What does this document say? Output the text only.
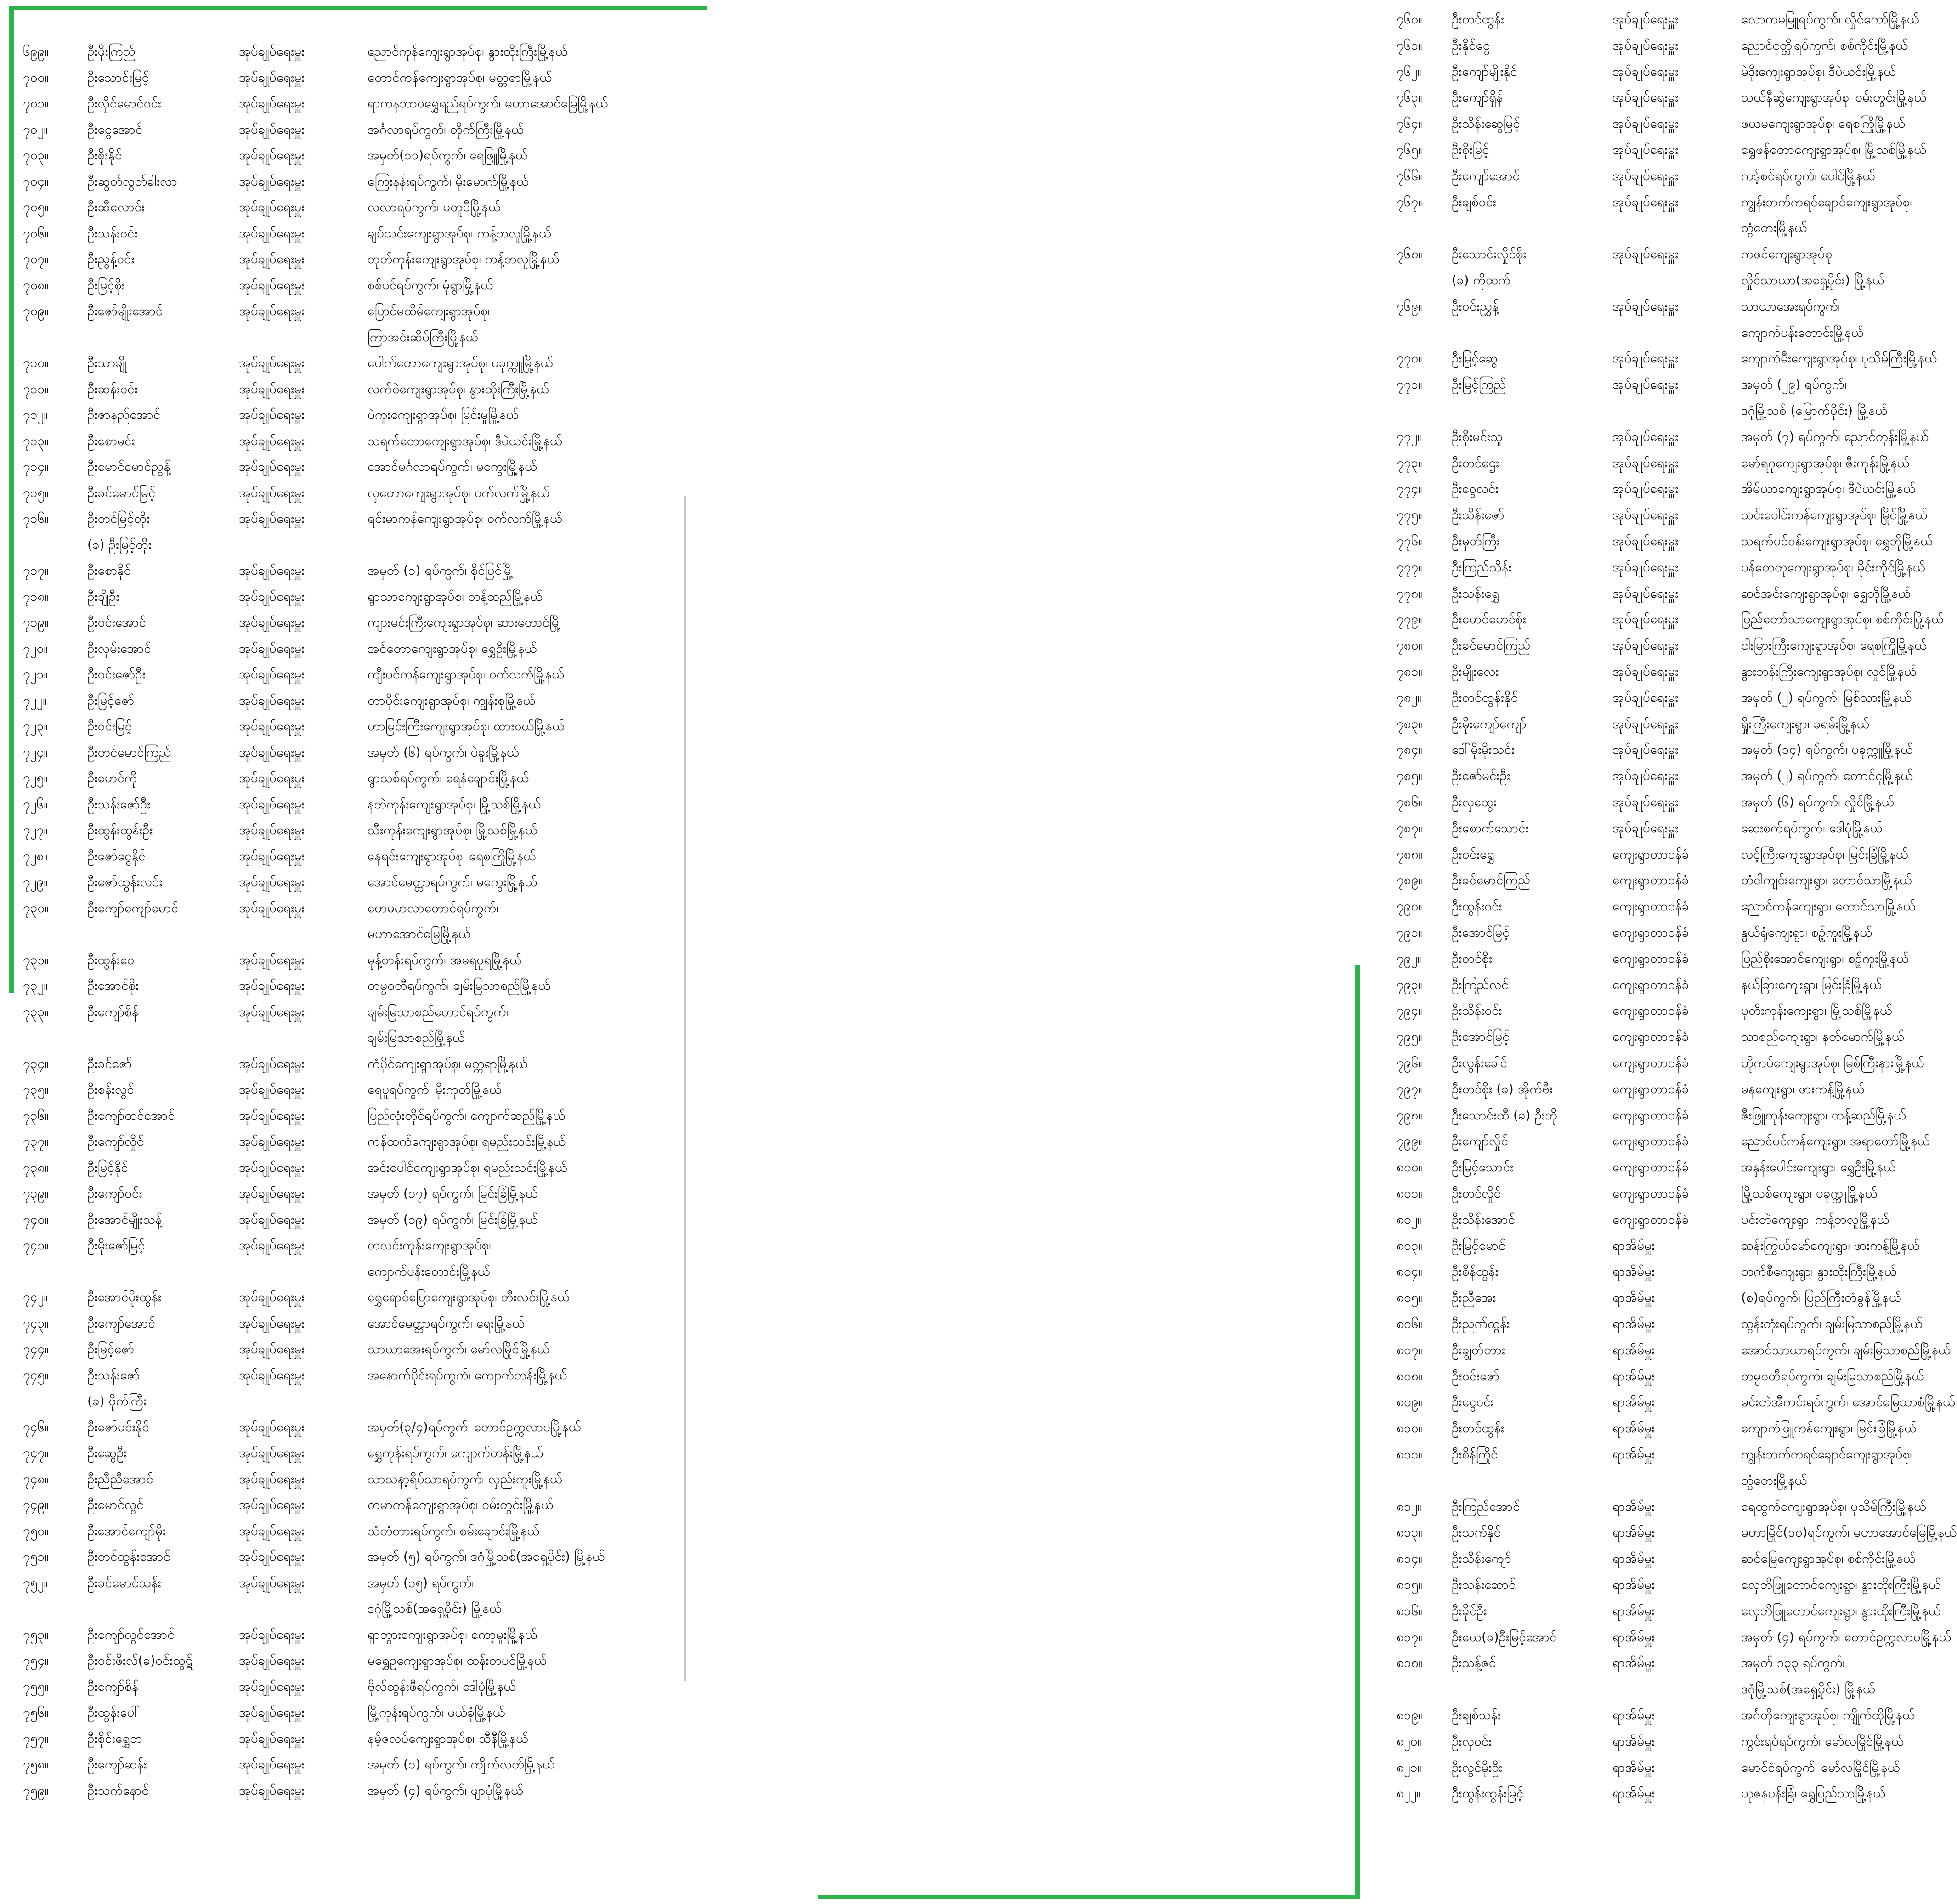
၆၉၉။	ဦးဖိုးကြည်	အုပ်ချုပ်ရေးမှူး	ညောင်ကုန်ကျေးရွာအုပ်စု၊ နွားထိုးကြီးမြို့နယ်
၇၀၀။	ဦးသောင်းမြင့်	အုပ်ချုပ်ရေးမှူး	တောင်ကန်ကျေးရွာအုပ်စု၊ မတ္တရာမြို့နယ်
၇၀၁။	ဦးလှိုင်မောင်ဝင်း	အုပ်ချုပ်ရေးမှူး	ရာကနဘာဝရွှေရည်ရပ်ကွက်၊ မဟာအောင်မြေမြို့နယ်
၇၀၂။	ဦးငွေအောင်	အုပ်ချုပ်ရေးမှူး	အင်္ဂလာရပ်ကွက်၊ တိုက်ကြီးမြို့နယ်
၇၀၃။	ဦးစိုးနိုင်	အုပ်ချုပ်ရေးမှူး	အမှတ်(၁၁)ရပ်ကွက်၊ ရေဖြူမြို့နယ်
၇၀၄။	ဦးဆွတ်လွတ်ခါးလာ	အုပ်ချုပ်ရေးမှူး	ကြေးနန်းရပ်ကွက်၊ မိုးမောက်မြို့နယ်
၇၀၅။	ဦးဆီလောင်း	အုပ်ချုပ်ရေးမှူး	လလာရပ်ကွက်၊ မတူပီမြို့နယ်
၇၀၆။	ဦးသန်းဝင်း	အုပ်ချုပ်ရေးမှူး	ချပ်သင်းကျေးရွာအုပ်စု၊ ကန့်ဘလူမြို့နယ်
၇၀၇။	ဦးညွန့်ဝင်း	အုပ်ချုပ်ရေးမှူး	ဘုတ်ကုန်းကျေးရွာအုပ်စု၊ ကန့်ဘလူမြို့နယ်
၇၀၈။	ဦးမြင့်စိုး	အုပ်ချုပ်ရေးမှူး	စစ်ပင်ရပ်ကွက်၊ မုံရွာမြို့နယ်
၇၀၉။	ဦးဇော်မျိုးအောင်	အုပ်ချုပ်ရေးမှူး	ပြောင်မထိမ်ကျေးရွာအုပ်စု၊
ကြာအင်းဆိပ်ကြီးမြို့နယ်
၇၁၀။	ဦးသာချို	အုပ်ချုပ်ရေးမှူး	ပေါက်တောကျေးရွာအုပ်စု၊ ပခုက္ကူမြို့နယ်
၇၁၁။	ဦးဆန်းဝင်း	အုပ်ချုပ်ရေးမှူး	လက်ဝဲကျေးရွာအုပ်စု၊ နွားထိုးကြီးမြို့နယ်
၇၁၂။	ဦးဇာနည်အောင်	အုပ်ချုပ်ရေးမှူး	ပဲကူးကျေးရွာအုပ်စု၊ မြင်းမူမြို့နယ်
၇၁၃။	ဦးစောမင်း	အုပ်ချုပ်ရေးမှူး	သရက်တောကျေးရွာအုပ်စု၊ ဒီပဲယင်းမြို့နယ်
၇၁၄။	ဦးမောင်မောင်ညွန့်	အုပ်ချုပ်ရေးမှူး	အောင်မင်္ဂလာရပ်ကွက်၊ မကွေးမြို့နယ်
၇၁၅။	ဦးခင်မောင်မြင့်	အုပ်ချုပ်ရေးမှူး	လှတောကျေးရွာအုပ်စု၊ ဝက်လက်မြို့နယ်
၇၁၆။	ဦးတင်မြင့်တိုး	အုပ်ချုပ်ရေးမှူး	ရင်းမာကန်ကျေးရွာအုပ်စု၊ ဝက်လက်မြို့နယ်
(ခ) ဦးမြင့်တိုး
၇၁၇။	ဦးစောနိုင်	အုပ်ချုပ်ရေးမှူး	အမှတ် (၁) ရပ်ကွက်၊ စိုင်ပြင်မြို့
၇၁၈။	ဦးချိုဦး	အုပ်ချုပ်ရေးမှူး	ရွာသာကျေးရွာအုပ်စု၊ တန့်ဆည်မြို့နယ်
၇၁၉။	ဦးဝင်းအောင်	အုပ်ချုပ်ရေးမှူး	ကျားမင်းကြီးကျေးရွာအုပ်စု၊ ဆားတောင်မြို့
၇၂၀။	ဦးလှမ်းအောင်	အုပ်ချုပ်ရေးမှူး	အင်တောကျေးရွာအုပ်စု၊ ရွှေဦးမြို့နယ်
၇၂၁။	ဦးဝင်းဇော်ဦး	အုပ်ချုပ်ရေးမှူး	ကျီးပင်ကန်ကျေးရွာအုပ်စု၊ ဝက်လက်မြို့နယ်
၇၂၂။	ဦးမြင့်ဇော်	အုပ်ချုပ်ရေးမှူး	တာပိုင်းကျေးရွာအုပ်စု၊ ကျွန်းစုမြို့နယ်
၇၂၃။	ဦးဝင်းမြင့်	အုပ်ချုပ်ရေးမှူး	ဟာမြင်းကြီးကျေးရွာအုပ်စု၊ ထားဝယ်မြို့နယ်
၇၂၄။	ဦးတင်မောင်ကြည်	အုပ်ချုပ်ရေးမှူး	အမှတ် (၆) ရပ်ကွက်၊ ပဲခူးမြို့နယ်
၇၂၅။	ဦးမောင်ကို	အုပ်ချုပ်ရေးမှူး	ရွာသစ်ရပ်ကွက်၊ ရေနံချောင်းမြို့နယ်
၇၂၆။	ဦးသန်းဇော်ဦး	အုပ်ချုပ်ရေးမှူး	နဘဲကုန်းကျေးရွာအုပ်စု၊ မြို့သစ်မြို့နယ်
၇၂၇။	ဦးထွန်းထွန်းဦး	အုပ်ချုပ်ရေးမှူး	သီးကုန်းကျေးရွာအုပ်စု၊ မြို့သစ်မြို့နယ်
၇၂၈။	ဦးဇော်ငွေနိုင်	အုပ်ချုပ်ရေးမှူး	နေရင်းကျေးရွာအုပ်စု၊ ရေစကြိုမြို့နယ်
၇၂၉။	ဦးဇော်ထွန်းလင်း	အုပ်ချုပ်ရေးမှူး	အောင်မေတ္တာရပ်ကွက်၊ မကွေးမြို့နယ်
၇၃၀။	ဦးကျော်ကျော်မောင်	အုပ်ချုပ်ရေးမှူး	ဟေမမာလာတောင်ရပ်ကွက်၊
မဟာအောင်မြေမြို့နယ်
၇၃၁။	ဦးထွန်းဝေ	အုပ်ချုပ်ရေးမှူး	မုန့်တန်းရပ်ကွက်၊ အမရပူရမြို့နယ်
၇၃၂။	ဦးအောင်စိုး	အုပ်ချုပ်ရေးမှူး	တမ္ပဝတီရပ်ကွက်၊ ချမ်းမြသာစည်မြို့နယ်
၇၃၃။	ဦးကျော်စိန်	အုပ်ချုပ်ရေးမှူး	ချမ်းမြသာစည်တောင်ရပ်ကွက်၊
ချမ်းမြသာစည်မြို့နယ်
၇၃၄။	ဦးခင်ဇော်	အုပ်ချုပ်ရေးမှူး	ကံပိုင်ကျေးရွာအုပ်စု၊ မတ္တရာမြို့နယ်
၇၃၅။	ဦးစန်းလွင်	အုပ်ချုပ်ရေးမှူး	ရေပူရပ်ကွက်၊ မိုးကုတ်မြို့နယ်
၇၃၆။	ဦးကျော်ထင်အောင်	အုပ်ချုပ်ရေးမှူး	ပြည်လုံးတိုင်ရပ်ကွက်၊ ကျောက်ဆည်မြို့နယ်
၇၃၇။	ဦးကျော်လှိုင်	အုပ်ချုပ်ရေးမှူး	ကန်ထက်ကျေးရွာအုပ်စု၊ ရမည်းသင်းမြို့နယ်
၇၃၈။	ဦးမြင့်နိုင်	အုပ်ချုပ်ရေးမှူး	အင်းပေါင်ကျေးရွာအုပ်စု၊ ရမည်းသင်းမြို့နယ်
၇၃၉။	ဦးကျော်ဝင်း	အုပ်ချုပ်ရေးမှူး	အမှတ် (၁၇) ရပ်ကွက်၊ မြင်းခြံမြို့နယ်
၇၄၀။	ဦးအောင်မျိုးသန့်	အုပ်ချုပ်ရေးမှူး	အမှတ် (၁၉) ရပ်ကွက်၊ မြင်းခြံမြို့နယ်
၇၄၁။	ဦးမိုးဇော်မြင့်	အုပ်ချုပ်ရေးမှူး	တလင်းကုန်းကျေးရွာအုပ်စု၊
ကျောက်ပန်းတောင်းမြို့နယ်
၇၄၂။	ဦးအောင်မိုးထွန်း	အုပ်ချုပ်ရေးမှူး	ရွှေရောင်ပြောကျေးရွာအုပ်စု၊ ဘီးလင်းမြို့နယ်
၇၄၃။	ဦးကျော်အောင်	အုပ်ချုပ်ရေးမှူး	အောင်မေတ္တာရပ်ကွက်၊ ရေးမြို့နယ်
၇၄၄။	ဦးမြင့်ဇော်	အုပ်ချုပ်ရေးမှူး	သာယာအေးရပ်ကွက်၊ မော်လမြိုင်မြို့နယ်
၇၄၅။	ဦးသန်းဇော်	အုပ်ချုပ်ရေးမှူး	အနောက်ပိုင်းရပ်ကွက်၊ ကျောက်တန်းမြို့နယ်
(ခ) ဗိုက်ကြီး
၇၄၆။	ဦးဇော်မင်းနိုင်	အုပ်ချုပ်ရေးမှူး	အမှတ်(၃/၄)ရပ်ကွက်၊ တောင်ဥက္ကလာပမြို့နယ်
၇၄၇။	ဦးဆွေဦး	အုပ်ချုပ်ရေးမှူး	ရွှေကုန်းရပ်ကွက်၊ ကျောက်တန်းမြို့နယ်
၇၄၈။	ဦးညီညီအောင်	အုပ်ချုပ်ရေးမှူး	သာသနာ့ရိပ်သာရပ်ကွက်၊ လှည်းကူးမြို့နယ်
၇၄၉။	ဦးမောင်လွင်	အုပ်ချုပ်ရေးမှူး	တမာကန်ကျေးရွာအုပ်စု၊ ဝမ်းတွင်းမြို့နယ်
၇၅၀။	ဦးအောင်ကျော်မိုး	အုပ်ချုပ်ရေးမှူး	သံတံတားရပ်ကွက်၊ စမ်းချောင်းမြို့နယ်
၇၅၁။	ဦးတင်ထွန်းအောင်	အုပ်ချုပ်ရေးမှူး	အမှတ် (၅) ရပ်ကွက်၊ ဒဂုံမြို့သစ်(အရှေ့ပိုင်း) မြို့နယ်
၇၅၂။	ဦးခင်မောင်သန်း	အုပ်ချုပ်ရေးမှူး	အမှတ် (၁၅) ရပ်ကွက်၊
ဒဂုံမြို့သစ်(အရှေ့ပိုင်း) မြို့နယ်
၇၅၃။	ဦးကျော်လွင်အောင်	အုပ်ချုပ်ရေးမှူး	ရှာဘွားကျေးရွာအုပ်စု၊ ကော့မှူးမြို့နယ်
၇၅၄။	ဦးဝင်းဖိုးလ်(ခ)ဝင်းထွဋ်	အုပ်ချုပ်ရေးမှူး	မရွှေဥကျေးရွာအုပ်စု၊ ထန်းတပင်မြို့နယ်
၇၅၅။	ဦးကျော်စိန်	အုပ်ချုပ်ရေးမှူး	ဗိုလ်ထွန်းဖီရပ်ကွက်၊ ဒေါပုံမြို့နယ်
၇၅၆။	ဦးထွန်းပေါ်	အုပ်ချုပ်ရေးမှူး	မြို့ကုန်းရပ်ကွက်၊ ဖယ်ခုံမြို့နယ်
၇၅၇။	ဦးစိုင်းရွှေဘ	အုပ်ချုပ်ရေးမှူး	နမ့်ဇလပ်ကျေးရွာအုပ်စု၊ သီနီမြို့နယ်
၇၅၈။	ဦးကျော်ဆန်း	အုပ်ချုပ်ရေးမှူး	အမှတ် (၁) ရပ်ကွက်၊ ကျိုက်လတ်မြို့နယ်
၇၅၉။	ဦးသက်နောင်	အုပ်ချုပ်ရေးမှူး	အမှတ် (၄) ရပ်ကွက်၊ ဖျာပုံမြို့နယ်
၇၆၀။ ဦးတင်ထွန်း	အုပ်ချုပ်ရေးမှူး	လောကမမြူရပ်ကွက်၊ လှိုင်ကော်မြို့နယ်
၇၆၁။ ဦးနိုင်ငွေ	အုပ်ချုပ်ရေးမှူး	ညောင်ငုတ္တိုရပ်ကွက်၊ စစ်ကိုင်းမြို့နယ်
၇၆၂။ ဦးကျော်မျိုးနိုင်	အုပ်ချုပ်ရေးမှူး	မဲဒိုးကျေးရွာအုပ်စု၊ ဒီပဲယင်းမြို့နယ်
၇၆၃။ ဦးကျော်ရှိန်	အုပ်ချုပ်ရေးမှူး	သယ်နီဆွဲကျေးရွာအုပ်စု၊ ဝမ်းတွင်းမြို့နယ်
၇၆၄။ ဦးသိန်းဆွေမြင့်	အုပ်ချုပ်ရေးမှူး	ဖယမကျေးရွာအုပ်စု၊ ရေစကြိုမြို့နယ်
၇၆၅။ ဦးစိုးမြင့်	အုပ်ချုပ်ရေးမှူး	ရွှေဖန်တောကျေးရွာအုပ်စု၊ မြို့သစ်မြို့နယ်
၇၆၆။ ဦးကျော်အောင်	အုပ်ချုပ်ရေးမှူး	ကဒ့်စင်ရပ်ကွက်၊ ပေါင်မြို့နယ်
၇၆၇။ ဦးချစ်ဝင်း	အုပ်ချုပ်ရေးမှူး	ကျွန်းဘက်ကရင်ချောင်ကျေးရွာအုပ်စု၊
တွံတေးမြို့နယ်
၇၆၈။ ဦးသောင်းလှိုင်စိုး	အုပ်ချုပ်ရေးမှူး	ကဖင်ကျေးရွာအုပ်စု၊
(ခ) ကိုထက်	လှိုင်သာယာ(အရှေ့ပိုင်း) မြို့နယ်
၇၆၉။ ဦးဝင်းညွှန့်	အုပ်ချုပ်ရေးမှူး	သာယာအေးရပ်ကွက်၊
ကျောက်ပန်းတောင်းမြို့နယ်
၇၇၀။ ဦးမြင့်ဆွေ	အုပ်ချုပ်ရေးမှူး	ကျောက်မီးကျေးရွာအုပ်စု၊ ပုသိမ်ကြီးမြို့နယ်
၇၇၁။ ဦးမြင့်ကြည်	အုပ်ချုပ်ရေးမှူး	အမှတ် (၂၉) ရပ်ကွက်၊
ဒဂုံမြို့သစ် (မြောက်ပိုင်း) မြို့နယ်
၇၇၂။ ဦးစိုးမင်းသူ	အုပ်ချုပ်ရေးမှူး	အမှတ် (၇) ရပ်ကွက်၊ ညောင်တုန်းမြို့နယ်
၇၇၃။ ဦးတင်ဌေး	အုပ်ချုပ်ရေးမှူး	မော်ရဂုကျေးရွာအုပ်စု၊ ဇီးကုန်းမြို့နယ်
၇၇၄။ ဦးဝွေလင်း	အုပ်ချုပ်ရေးမှူး	အိမ်ယာကျေးရွာအုပ်စု၊ ဒီပဲယင်းမြို့နယ်
၇၇၅။ ဦးသိန်းဇော်	အုပ်ချုပ်ရေးမှူး	သင်းပေါင်းကန်ကျေးရွာအုပ်စု၊ မြိုင်မြို့နယ်
၇၇၆။ ဦးမှတ်ကြီး	အုပ်ချုပ်ရေးမှူး	သရက်ပင်ဝန်းကျေးရွာအုပ်စု၊ ရွှေဘိုမြို့နယ်
၇၇၇။ ဦးကြည်သိန်း	အုပ်ချုပ်ရေးမှူး	ပန်တေတုကျေးရွာအုပ်စု၊ မိုင်းကိုင်မြို့နယ်
၇၇၈။ ဦးသန်းရွှေ	အုပ်ချုပ်ရေးမှူး	ဆင်အင်းကျေးရွာအုပ်စု၊ ရွှေဘိုမြို့နယ်
၇၇၉။ ဦးမောင်မောင်စိုး	အုပ်ချုပ်ရေးမှူး	ပြည်တော်သာကျေးရွာအုပ်စု၊ စစ်ကိုင်းမြို့နယ်
၇၈၀။ ဦးခင်မောင်ကြည်	အုပ်ချုပ်ရေးမှူး	ငါးမြားကြီးကျေးရွာအုပ်စု၊ ရေစကြိုမြို့နယ်
၇၈၁။ ဦးမျိုးလေး	အုပ်ချုပ်ရေးမှူး	နွားဘန်းကြီးကျေးရွာအုပ်စု၊ လှုင်မြို့နယ်
၇၈၂။ ဦးတင်ထွန်းနိုင်	အုပ်ချုပ်ရေးမှူး	အမှတ် (၂) ရပ်ကွက်၊ မြစ်သားမြို့နယ်
၇၈၃။ ဦးမိုးကျော်ကျော်	အုပ်ချုပ်ရေးမှူး	ရှိုးကြီးကျေးရွာ၊ ခရမ်းမြို့နယ်
၇၈၄။ ဒေါ်မိုးမိုးသင်း	အုပ်ချုပ်ရေးမှူး	အမှတ် (၁၄) ရပ်ကွက်၊ ပခုက္ကူမြို့နယ်
၇၈၅။ ဦးဇော်မင်းဦး	အုပ်ချုပ်ရေးမှူး	အမှတ် (၂) ရပ်ကွက်၊ တောင်ငူမြို့နယ်
၇၈၆။ ဦးလှထွေး	အုပ်ချုပ်ရေးမှူး	အမှတ် (၆) ရပ်ကွက်၊ လှိုင်မြို့နယ်
၇၈၇။ ဦးစောက်သောင်း	အုပ်ချုပ်ရေးမှူး	ဆေးစက်ရပ်ကွက်၊ ဒေါပုံမြို့နယ်
၇၈၈။ ဦးဝင်းရွှေ	ကျေးရွာတာဝန်ခံ	လင့်ကြီးကျေးရွာအုပ်စု၊ မြင်းခြံမြို့နယ်
၇၈၉။ ဦးခင်မောင်ကြည်	ကျေးရွာတာဝန်ခံ	တံငါကျင်းကျေးရွာ၊ တောင်သာမြို့နယ်
၇၉၀။ ဦးထွန်းဝင်း	ကျေးရွာတာဝန်ခံ	ညောင်ကန်ကျေးရွာ၊ တောင်သာမြို့နယ်
၇၉၁။ ဦးအောင်မြင့်	ကျေးရွာတာဝန်ခံ	နွယ်ရုံကျေးရွာ၊ စဥ့်ကူးမြို့နယ်
၇၉၂။ ဦးတင်စိုး	ကျေးရွာတာဝန်ခံ	ပြည်စိုးအောင်ကျေးရွာ၊ စဥ့်ကူးမြို့နယ်
၇၉၃။ ဦးကြည်လင်	ကျေးရွာတာဝန်ခံ	နယ်ခြားကျေးရွာ၊ မြင်းခြံမြို့နယ်
၇၉၄။ ဦးသိန်းဝင်း	ကျေးရွာတာဝန်ခံ	ပုတီးကုန်းကျေးရွာ၊ မြို့သစ်မြို့နယ်
၇၉၅။ ဦးအောင်မြင့်	ကျေးရွာတာဝန်ခံ	သာစည်ကျေးရွာ၊ နတ်မောက်မြို့နယ်
၇၉၆။ ဦးလွန်းခေါင်	ကျေးရွာတာဝန်ခံ	ဟိုကပ်ကျေးရွာအုပ်စု၊ မြစ်ကြီးနားမြို့နယ်
၇၉၇။ ဦးတင်စိုး (ခ) အိုက်ဗီး	ကျေးရွာတာဝန်ခံ	မနကျေးရွာ၊ ဖားကန့်မြို့နယ်
၇၉၈။ ဦးသောင်းထီ (ခ) ဦးဘို	ကျေးရွာတာဝန်ခံ	ဇီးဖြူကုန်းကျေးရွာ၊ တန့်ဆည်မြို့နယ်
၇၉၉။ ဦးကျော်လှိုင်	ကျေးရွာတာဝန်ခံ	ညောင်ပင်ကန်ကျေးရွာ၊ အရာတော်မြို့နယ်
၈၀၀။ ဦးမြင့်သောင်း	ကျေးရွာတာဝန်ခံ	အနှန်းပေါင်းကျေးရွာ၊ ရွှေဦးမြို့နယ်
၈၀၁။ ဦးတင်လှိုင်	ကျေးရွာတာဝန်ခံ	မြို့သစ်ကျေးရွာ၊ ပခုက္ကူမြို့နယ်
၈၀၂။ ဦးသိန်းအောင်	ကျေးရွာတာဝန်ခံ	ပင်းတဲကျေးရွာ၊ ကန့်ဘလူမြို့နယ်
၈၀၃။ ဦးမြင့်မောင်	ရာအိမ်မှူး	ဆန်းကြွယ်မော်ကျေးရွာ၊ ဖားကန့်မြို့နယ်
၈၀၄။ ဦးစိန်ထွန်း	ရာအိမ်မှူး	တက်စီကျေးရွာ၊ နွားထိုးကြီးမြို့နယ်
၈၀၅။ ဦးညီအေး	ရာအိမ်မှူး	(စ)ရပ်ကွက်၊ ပြည်ကြီးတံခွန်မြို့နယ်
၈၀၆။ ဦးညဏ်ထွန်း	ရာအိမ်မှူး	ထွန်းတုံးရပ်ကွက်၊ ချမ်းမြသာစည်မြို့နယ်
၈၀၇။ ဦးချွတ်တား	ရာအိမ်မှူး	အောင်သာယာရပ်ကွက်၊ ချမ်းမြသာစည်မြို့နယ်
၈၀၈။ ဦးဝင်းဇော်	ရာအိမ်မှူး	တမ္ပဝတီရပ်ကွက်၊ ချမ်းမြသာစည်မြို့နယ်
၈၀၉။ ဦးငွေဝင်း	ရာအိမ်မှူး	မင်းတဲအီကင်းရပ်ကွက်၊ အောင်မြေသာစံမြို့နယ်
၈၁၀။ ဦးတင်ထွန်း	ရာအိမ်မှူး	ကျောက်ဖြူကန်ကျေးရွာ၊ မြင်းခြံမြို့နယ်
၈၁၁။ ဦးစိန်ကြိုင်	ရာအိမ်မှူး	ကျွန်းဘက်ကရင်ချောင်ကျေးရွာအုပ်စု၊
တွံတေးမြို့နယ်
၈၁၂။ ဦးကြည်အောင်	ရာအိမ်မှူး	ရေထွက်ကျေးရွာအုပ်စု၊ ပုသိမ်ကြီးမြို့နယ်
၈၁၃။ ဦးသက်နိုင်	ရာအိမ်မှူး	မဟာမြိုင်(၁၀)ရပ်ကွက်၊ မဟာအောင်မြေမြို့နယ်
၈၁၄။ ဦးသိန်းကျော်	ရာအိမ်မှူး	ဆင်မြေကျေးရွာအုပ်စု၊ စစ်ကိုင်းမြို့နယ်
၈၁၅။ ဦးသန်းဆောင်	ရာအိမ်မှူး	လှေဘိဖြူတောင်ကျေးရွာ၊ နွားထိုးကြီးမြို့နယ်
၈၁၆။ ဦးခိုင်ဦး	ရာအိမ်မှူး	လှေဘိဖြူတောင်ကျေးရွာ၊ နွားထိုးကြီးမြို့နယ်
၈၁၇။ ဦးယေ(ခ)ဦးမြင့်အောင်	ရာအိမ်မှူး	အမှတ် (၄) ရပ်ကွက်၊ တောင်ဥက္ကလာပမြို့နယ်
၈၁၈။ ဦးသန့်ဇင်	ရာအိမ်မှူး	အမှတ် ၁၃၃ ရပ်ကွက်၊
ဒဂုံမြို့သစ်(အရှေ့ပိုင်း) မြို့နယ်
၈၁၉။ ဦးချစ်သန်း	ရာအိမ်မှူး	အင်္ဂတိုကျေးရွာအုပ်စု၊ ကျိုက်ထိုမြို့နယ်
၈၂၀။ ဦးလှဝင်း	ရာအိမ်မှူး	ကွင်းရပ်ရပ်ကွက်၊ မော်လမြိုင်မြို့နယ်
၈၂၁။ ဦးလွင်မိုးဦး	ရာအိမ်မှူး	မောင်ငံရပ်ကွက်၊ မော်လမြိုင်မြို့နယ်
၈၂၂။ ဦးထွန်းထွန်းမြင့်	ရာအိမ်မှူး	ယုဇနပန်းခြံ၊ ရွှေပြည်သာမြို့နယ်
